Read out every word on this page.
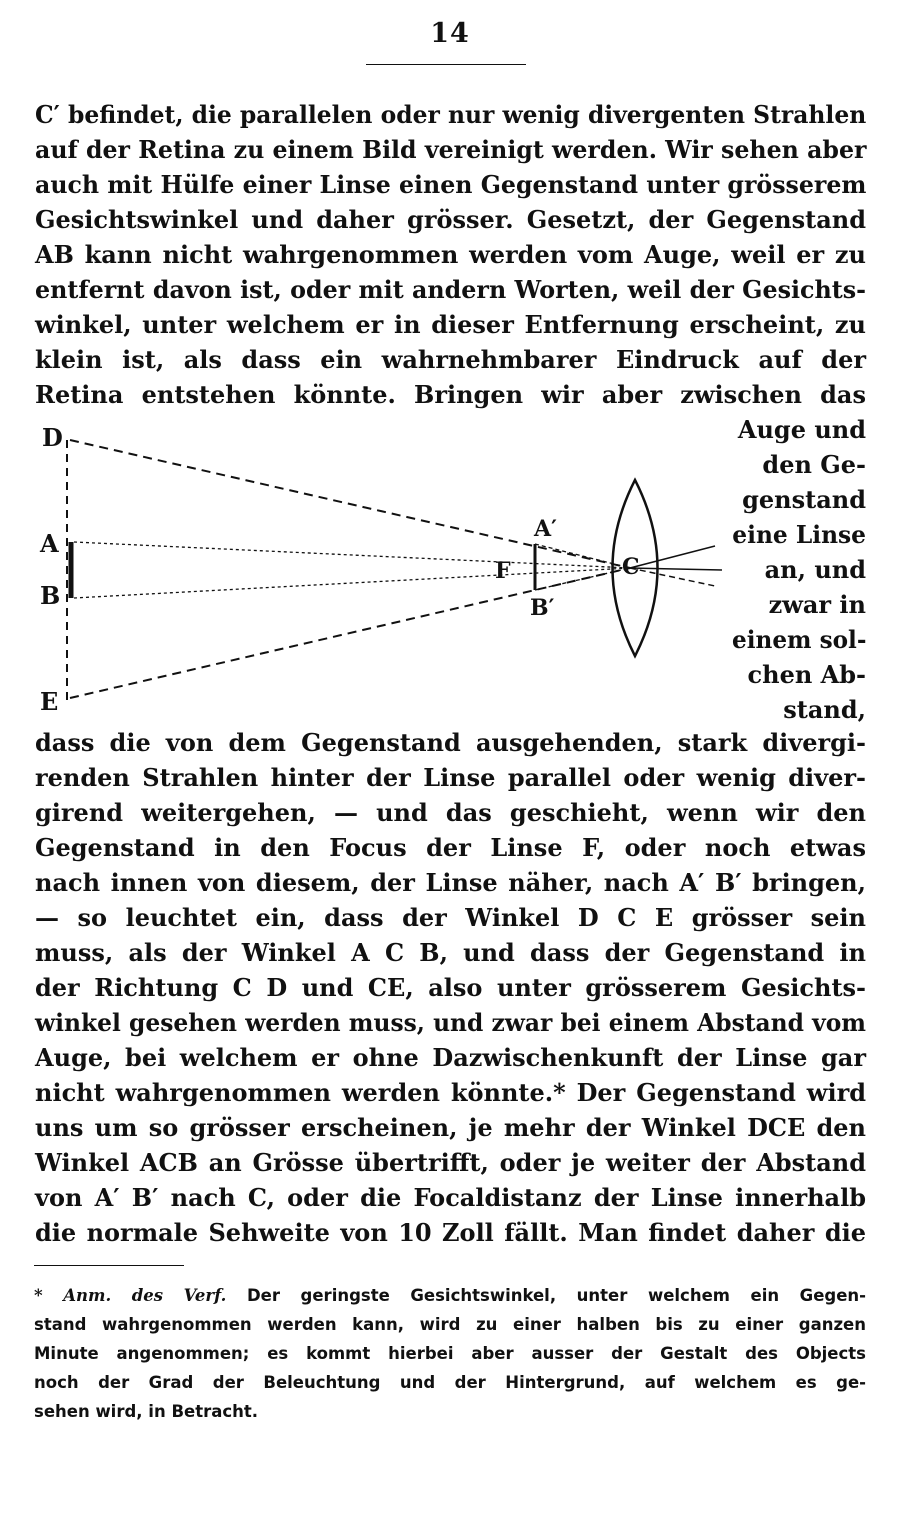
14
C′ befindet, die parallelen oder nur wenig divergenten Strahlen
auf der Retina zu einem Bild vereinigt werden. Wir sehen aber
auch mit Hülfe einer Linse einen Gegenstand unter grösserem
Gesichtswinkel und daher grösser. Gesetzt, der Gegenstand
AB kann nicht wahrgenommen werden vom Auge, weil er zu
entfernt davon ist, oder mit andern Worten, weil der Gesichts-
winkel, unter welchem er in dieser Entfernung erscheint, zu
klein ist, als dass ein wahrnehmbarer Eindruck auf der
Retina entstehen könnte. Bringen wir aber zwischen das
D
A
B
E
F
A′
B′
C
Auge und
den Ge-
genstand
eine Linse
an, und
zwar in
einem sol-
chen Ab-
stand,
dass die von dem Gegenstand ausgehenden, stark divergi-
renden Strahlen hinter der Linse parallel oder wenig diver-
girend weitergehen, — und das geschieht, wenn wir den
Gegenstand in den Focus der Linse F, oder noch etwas
nach innen von diesem, der Linse näher, nach A′ B′ bringen,
— so leuchtet ein, dass der Winkel D C E grösser sein
muss, als der Winkel A C B, und dass der Gegenstand in
der Richtung C D und CE, also unter grösserem Gesichts-
winkel gesehen werden muss, und zwar bei einem Abstand vom
Auge, bei welchem er ohne Dazwischenkunft der Linse gar
nicht wahrgenommen werden könnte.* Der Gegenstand wird
uns um so grösser erscheinen, je mehr der Winkel DCE den
Winkel ACB an Grösse übertrifft, oder je weiter der Abstand
von A′ B′ nach C, oder die Focaldistanz der Linse innerhalb
die normale Sehweite von 10 Zoll fällt. Man findet daher die
* Anm. des Verf. Der geringste Gesichtswinkel, unter welchem ein Gegen-
stand wahrgenommen werden kann, wird zu einer halben bis zu einer ganzen
Minute angenommen; es kommt hierbei aber ausser der Gestalt des Objects
noch der Grad der Beleuchtung und der Hintergrund, auf welchem es ge-
sehen wird, in Betracht.
